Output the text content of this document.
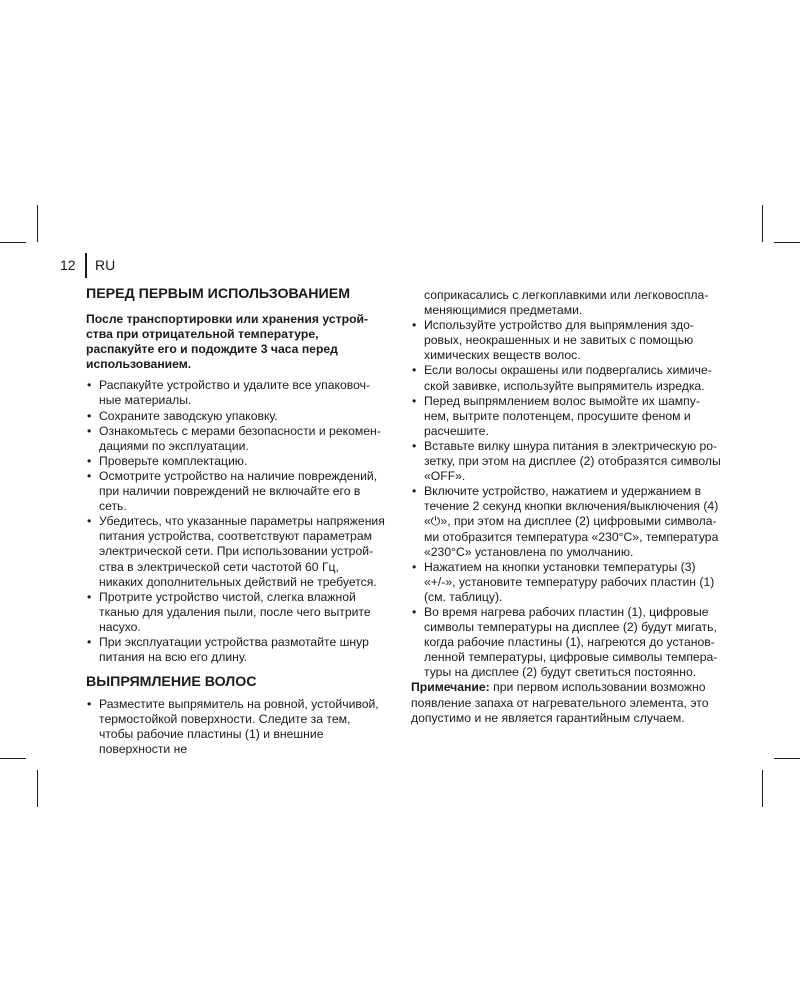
12 RU
ПЕРЕД ПЕРВЫМ ИСПОЛЬЗОВАНИЕМ

После транспортировки или хранения устрой- ства при отрицательной температуре, распакуйте его и подождите 3 часа перед использованием.

• Распакуйте устройство и удалите все упаковоч- ные материалы.
• Сохраните заводскую упаковку.
• Ознакомьтесь с мерами безопасности и рекомен- дациями по эксплуатации.
• Проверьте комплектацию.
• Осмотрите устройство на наличие повреждений, при наличии повреждений не включайте его в сеть.
• Убедитесь, что указанные параметры напряжения питания устройства, соответствуют параметрам электрической сети. При использовании устрой- ства в электрической сети частотой 60 Гц, никаких дополнительных действий не требуется.
• Протрите устройство чистой, слегка влажной тканью для удаления пыли, после чего вытрите насухо.
• При эксплуатации устройства размотайте шнур питания на всю его длину.
ВЫПРЯМЛЕНИЕ ВОЛОС
• Разместите выпрямитель на ровной, устойчивой, термостойкой поверхности. Следите за тем, чтобы рабочие пластины (1) и внешние поверхности не
соприкасались с легкоплавкими или легковоспла- меняющимися предметами.
• Используйте устройство для выпрямления здо- ровых, неокрашенных и не завитых с помощью химических веществ волос.
• Если волосы окрашены или подвергались химиче- ской завивке, используйте выпрямитель изредка.
• Перед выпрямлением волос вымойте их шампу- нем, вытрите полотенцем, просушите феном и расчешите.
• Вставьте вилку шнура питания в электрическую ро- зетку, при этом на дисплее (2) отобразятся символы «OFF».
• Включите устройство, нажатием и удержанием в течение 2 секунд кнопки включения/выключения (4) «⏻», при этом на дисплее (2) цифровыми символа- ми отобразится температура «230°С», температура «230°С» установлена по умолчанию.
• Нажатием на кнопки установки температуры (3) «+/-», установите температуру рабочих пластин (1) (см. таблицу).
• Во время нагрева рабочих пластин (1), цифровые символы температуры на дисплее (2) будут мигать, когда рабочие пластины (1), нагреются до установ- ленной температуры, цифровые символы темпера- туры на дисплее (2) будут светиться постоянно.

Примечание: при первом использовании возможно появление запаха от нагревательного элемента, это допустимо и не является гарантийным случаем.
